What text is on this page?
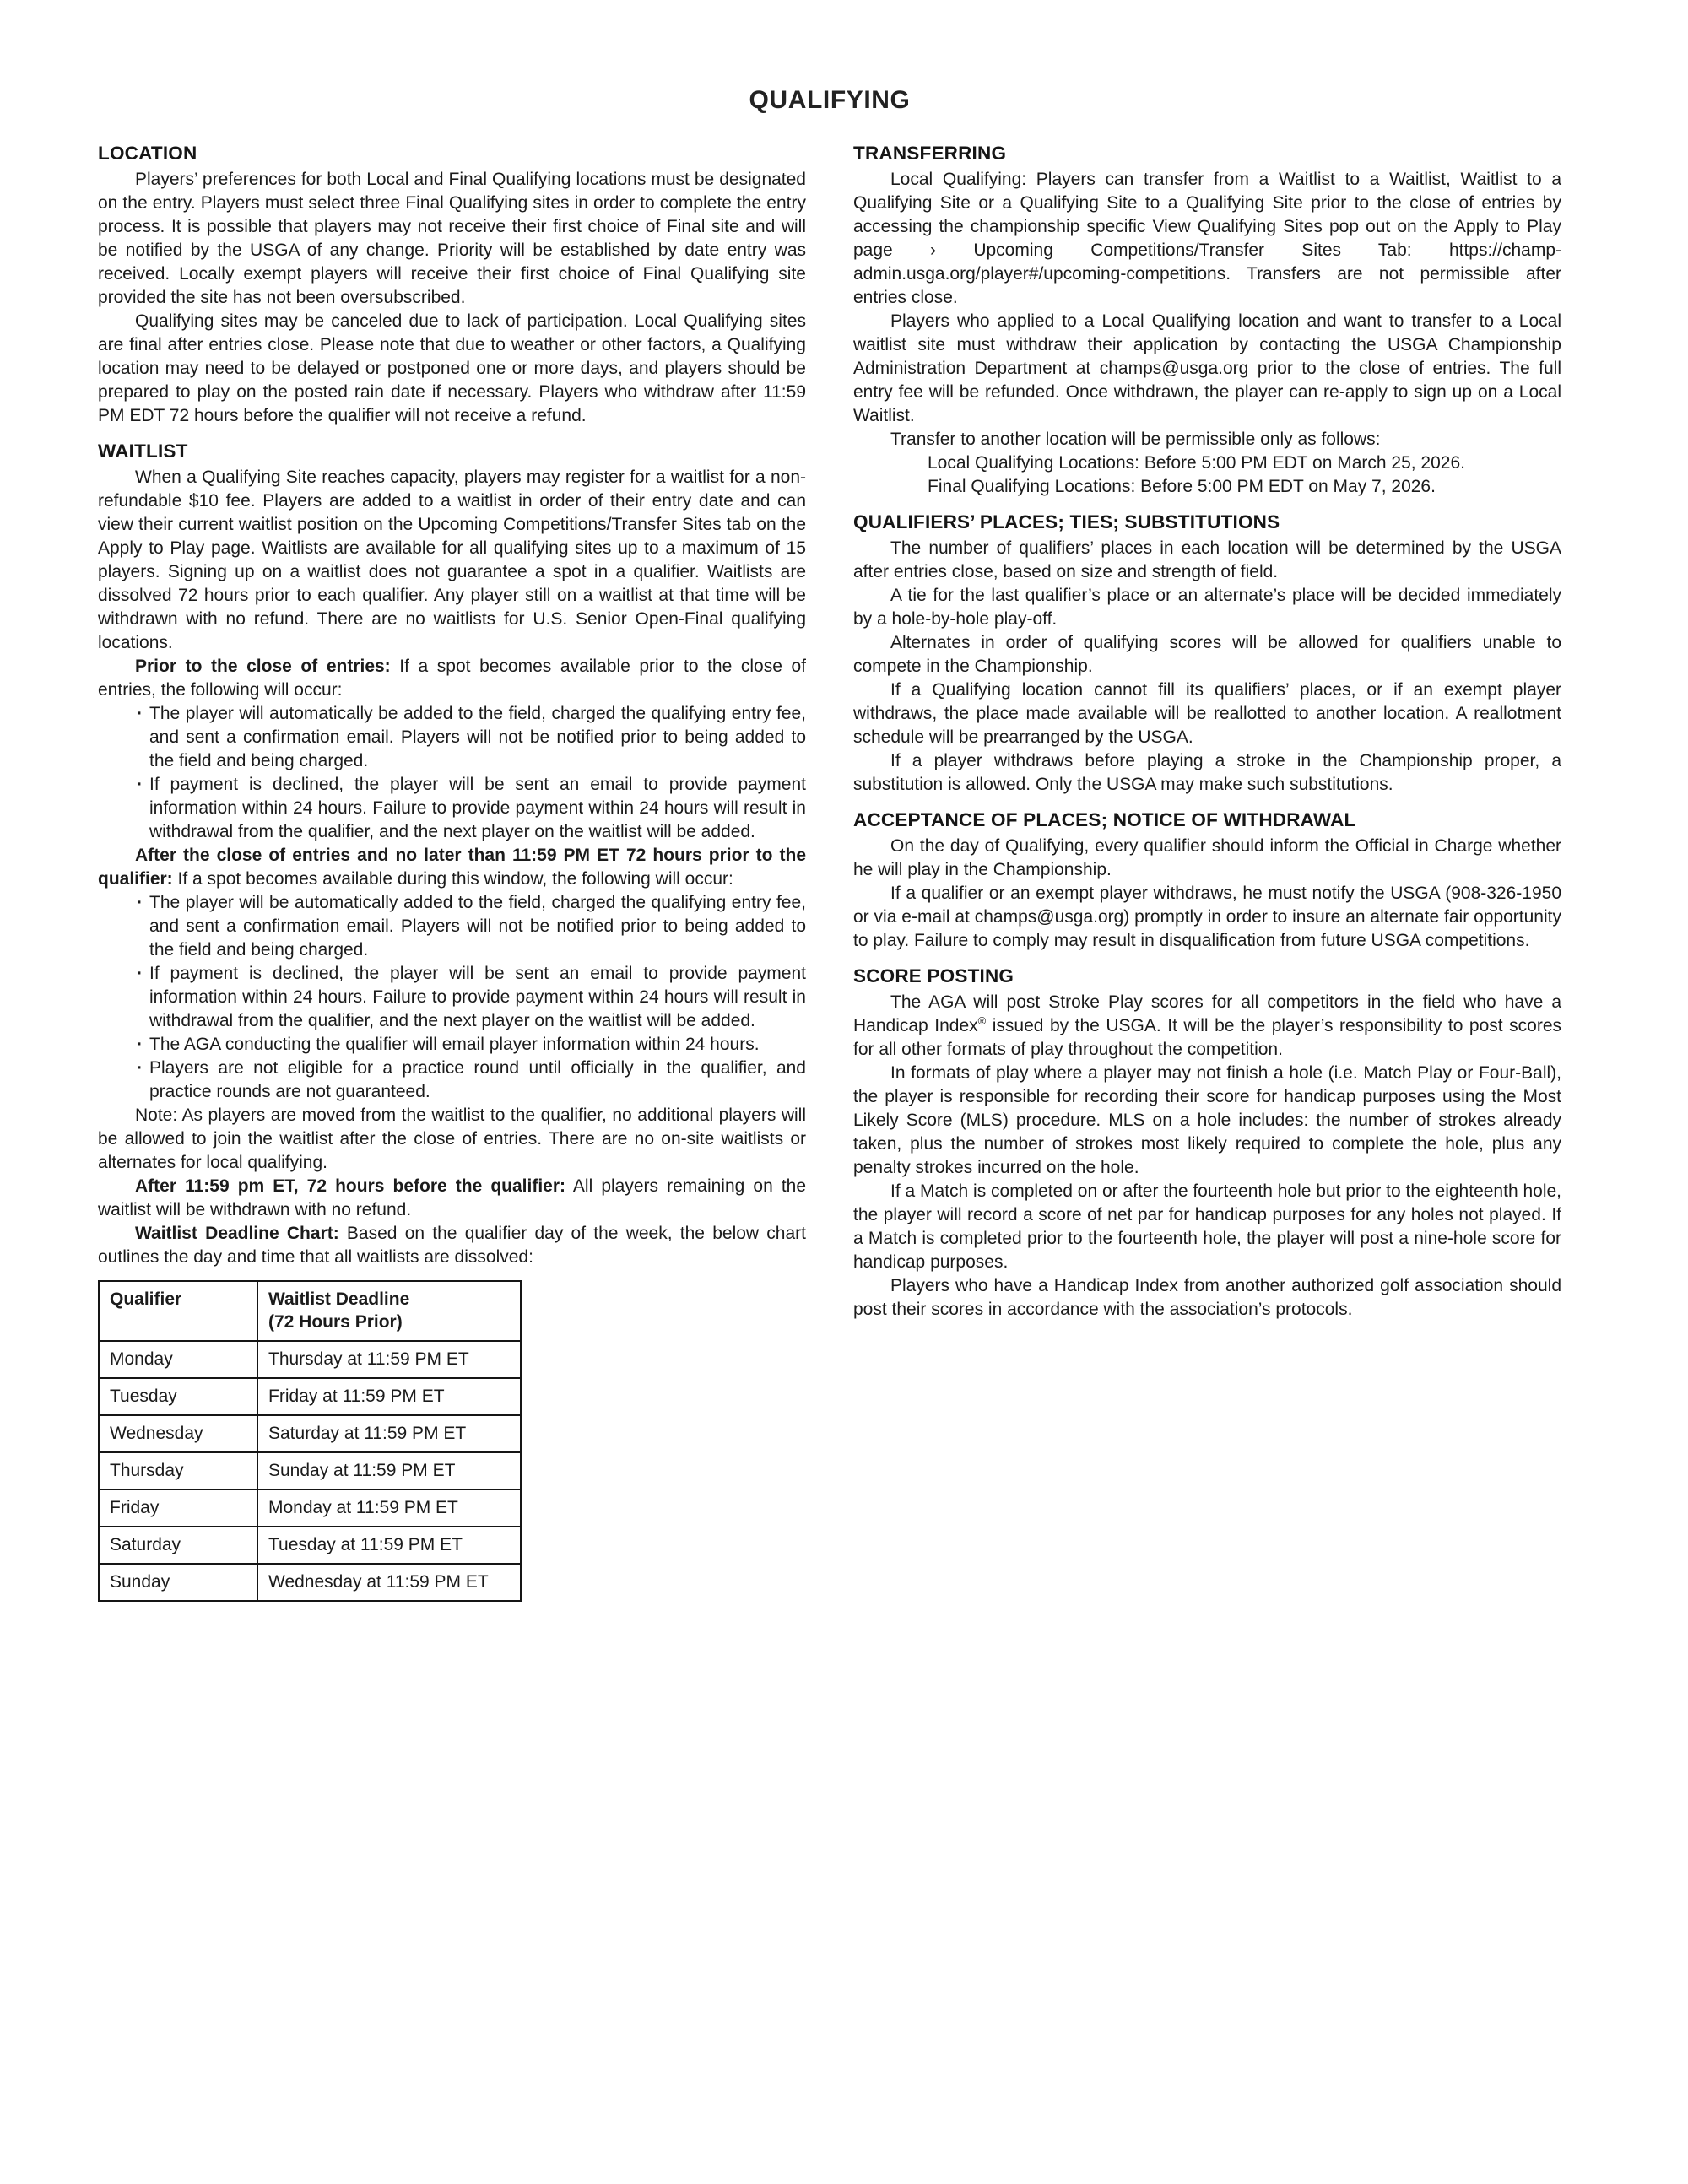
QUALIFYING
LOCATION

Players’ preferences for both Local and Final Qualifying locations must be designated on the entry. Players must select three Final Qualifying sites in order to complete the entry process. It is possible that players may not receive their first choice of Final site and will be notified by the USGA of any change. Priority will be established by date entry was received. Locally exempt players will receive their first choice of Final Qualifying site provided the site has not been oversubscribed.

Qualifying sites may be canceled due to lack of participation. Local Qualifying sites are final after entries close. Please note that due to weather or other factors, a Qualifying location may need to be delayed or postponed one or more days, and players should be prepared to play on the posted rain date if necessary. Players who withdraw after 11:59 PM EDT 72 hours before the qualifier will not receive a refund.

WAITLIST

When a Qualifying Site reaches capacity, players may register for a waitlist for a non-refundable $10 fee. Players are added to a waitlist in order of their entry date and can view their current waitlist position on the Upcoming Competitions/Transfer Sites tab on the Apply to Play page. Waitlists are available for all qualifying sites up to a maximum of 15 players. Signing up on a waitlist does not guarantee a spot in a qualifier. Waitlists are dissolved 72 hours prior to each qualifier. Any player still on a waitlist at that time will be withdrawn with no refund. There are no waitlists for U.S. Senior Open-Final qualifying locations.

Prior to the close of entries: If a spot becomes available prior to the close of entries, the following will occur:

· The player will automatically be added to the field, charged the qualifying entry fee, and sent a confirmation email. Players will not be notified prior to being added to the field and being charged.
· If payment is declined, the player will be sent an email to provide payment information within 24 hours. Failure to provide payment within 24 hours will result in withdrawal from the qualifier, and the next player on the waitlist will be added.

After the close of entries and no later than 11:59 PM ET 72 hours prior to the qualifier: If a spot becomes available during this window, the following will occur:

· The player will be automatically added to the field, charged the qualifying entry fee, and sent a confirmation email. Players will not be notified prior to being added to the field and being charged.
· If payment is declined, the player will be sent an email to provide payment information within 24 hours. Failure to provide payment within 24 hours will result in withdrawal from the qualifier, and the next player on the waitlist will be added.
· The AGA conducting the qualifier will email player information within 24 hours.
· Players are not eligible for a practice round until officially in the qualifier, and practice rounds are not guaranteed.

Note: As players are moved from the waitlist to the qualifier, no additional players will be allowed to join the waitlist after the close of entries. There are no on-site waitlists or alternates for local qualifying.

After 11:59 pm ET, 72 hours before the qualifier: All players remaining on the waitlist will be withdrawn with no refund.

Waitlist Deadline Chart: Based on the qualifier day of the week, the below chart outlines the day and time that all waitlists are dissolved:

Qualifier	Waitlist Deadline
(72 Hours Prior)
Monday	Thursday at 11:59 PM ET
Tuesday	Friday at 11:59 PM ET
Wednesday	Saturday at 11:59 PM ET
Thursday	Sunday at 11:59 PM ET
Friday	Monday at 11:59 PM ET
Saturday	Tuesday at 11:59 PM ET
Sunday	Wednesday at 11:59 PM ET
TRANSFERRING

Local Qualifying: Players can transfer from a Waitlist to a Waitlist, Waitlist to a Qualifying Site or a Qualifying Site to a Qualifying Site prior to the close of entries by accessing the championship specific View Qualifying Sites pop out on the Apply to Play page › Upcoming Competitions/Transfer Sites Tab: https://champ-admin.usga.org/player#/upcoming-competitions. Transfers are not permissible after entries close.

Players who applied to a Local Qualifying location and want to transfer to a Local waitlist site must withdraw their application by contacting the USGA Championship Administration Department at champs@usga.org prior to the close of entries. The full entry fee will be refunded. Once withdrawn, the player can re-apply to sign up on a Local Waitlist.

Transfer to another location will be permissible only as follows:

Local Qualifying Locations: Before 5:00 PM EDT on March 25, 2026.

Final Qualifying Locations: Before 5:00 PM EDT on May 7, 2026.

QUALIFIERS’ PLACES; TIES; SUBSTITUTIONS

The number of qualifiers’ places in each location will be determined by the USGA after entries close, based on size and strength of field.

A tie for the last qualifier’s place or an alternate’s place will be decided immediately by a hole-by-hole play-off.

Alternates in order of qualifying scores will be allowed for qualifiers unable to compete in the Championship.

If a Qualifying location cannot fill its qualifiers’ places, or if an exempt player withdraws, the place made available will be reallotted to another location. A reallotment schedule will be prearranged by the USGA.

If a player withdraws before playing a stroke in the Championship proper, a substitution is allowed. Only the USGA may make such substitutions.

ACCEPTANCE OF PLACES; NOTICE OF WITHDRAWAL

On the day of Qualifying, every qualifier should inform the Official in Charge whether he will play in the Championship.

If a qualifier or an exempt player withdraws, he must notify the USGA (908-326-1950 or via e-mail at champs@usga.org) promptly in order to insure an alternate fair opportunity to play. Failure to comply may result in disqualification from future USGA competitions.

SCORE POSTING

The AGA will post Stroke Play scores for all competitors in the field who have a Handicap Index® issued by the USGA. It will be the player’s responsibility to post scores for all other formats of play throughout the competition.

In formats of play where a player may not finish a hole (i.e. Match Play or Four-Ball), the player is responsible for recording their score for handicap purposes using the Most Likely Score (MLS) procedure. MLS on a hole includes: the number of strokes already taken, plus the number of strokes most likely required to complete the hole, plus any penalty strokes incurred on the hole.

If a Match is completed on or after the fourteenth hole but prior to the eighteenth hole, the player will record a score of net par for handicap purposes for any holes not played. If a Match is completed prior to the fourteenth hole, the player will post a nine-hole score for handicap purposes.

Players who have a Handicap Index from another authorized golf association should post their scores in accordance with the association’s protocols.
